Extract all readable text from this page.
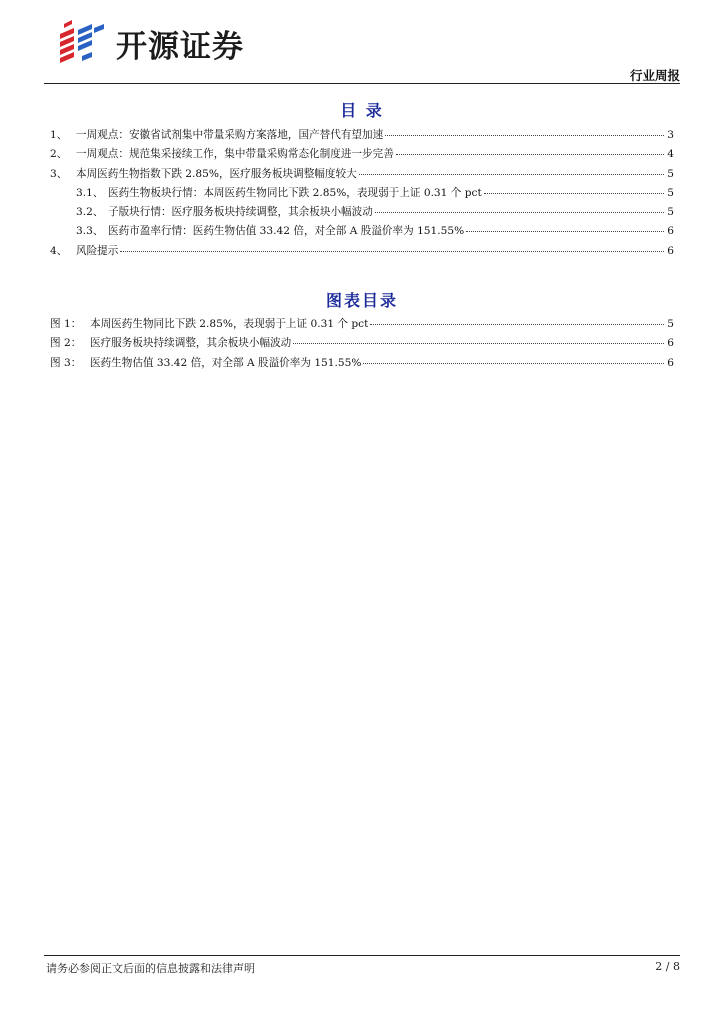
开源证券
行业周报
目 录
1、 一周观点：安徽省试剂集中带量采购方案落地，国产替代有望加速	3
2、 一周观点：规范集采接续工作，集中带量采购常态化制度进一步完善	4
3、 本周医药生物指数下跌 2.85%，医疗服务板块调整幅度较大	5
3.1、 医药生物板块行情：本周医药生物同比下跌 2.85%，表现弱于上证 0.31 个 pct	5
3.2、 子版块行情：医疗服务板块持续调整，其余板块小幅波动	5
3.3、 医药市盈率行情：医药生物估值 33.42 倍，对全部 A 股溢价率为 151.55%	6
4、 风险提示	6
图表目录
图 1： 本周医药生物同比下跌 2.85%，表现弱于上证 0.31 个 pct	5
图 2： 医疗服务板块持续调整，其余板块小幅波动	6
图 3： 医药生物估值 33.42 倍，对全部 A 股溢价率为 151.55%	6
请务必参阅正文后面的信息披露和法律声明	2 / 8
